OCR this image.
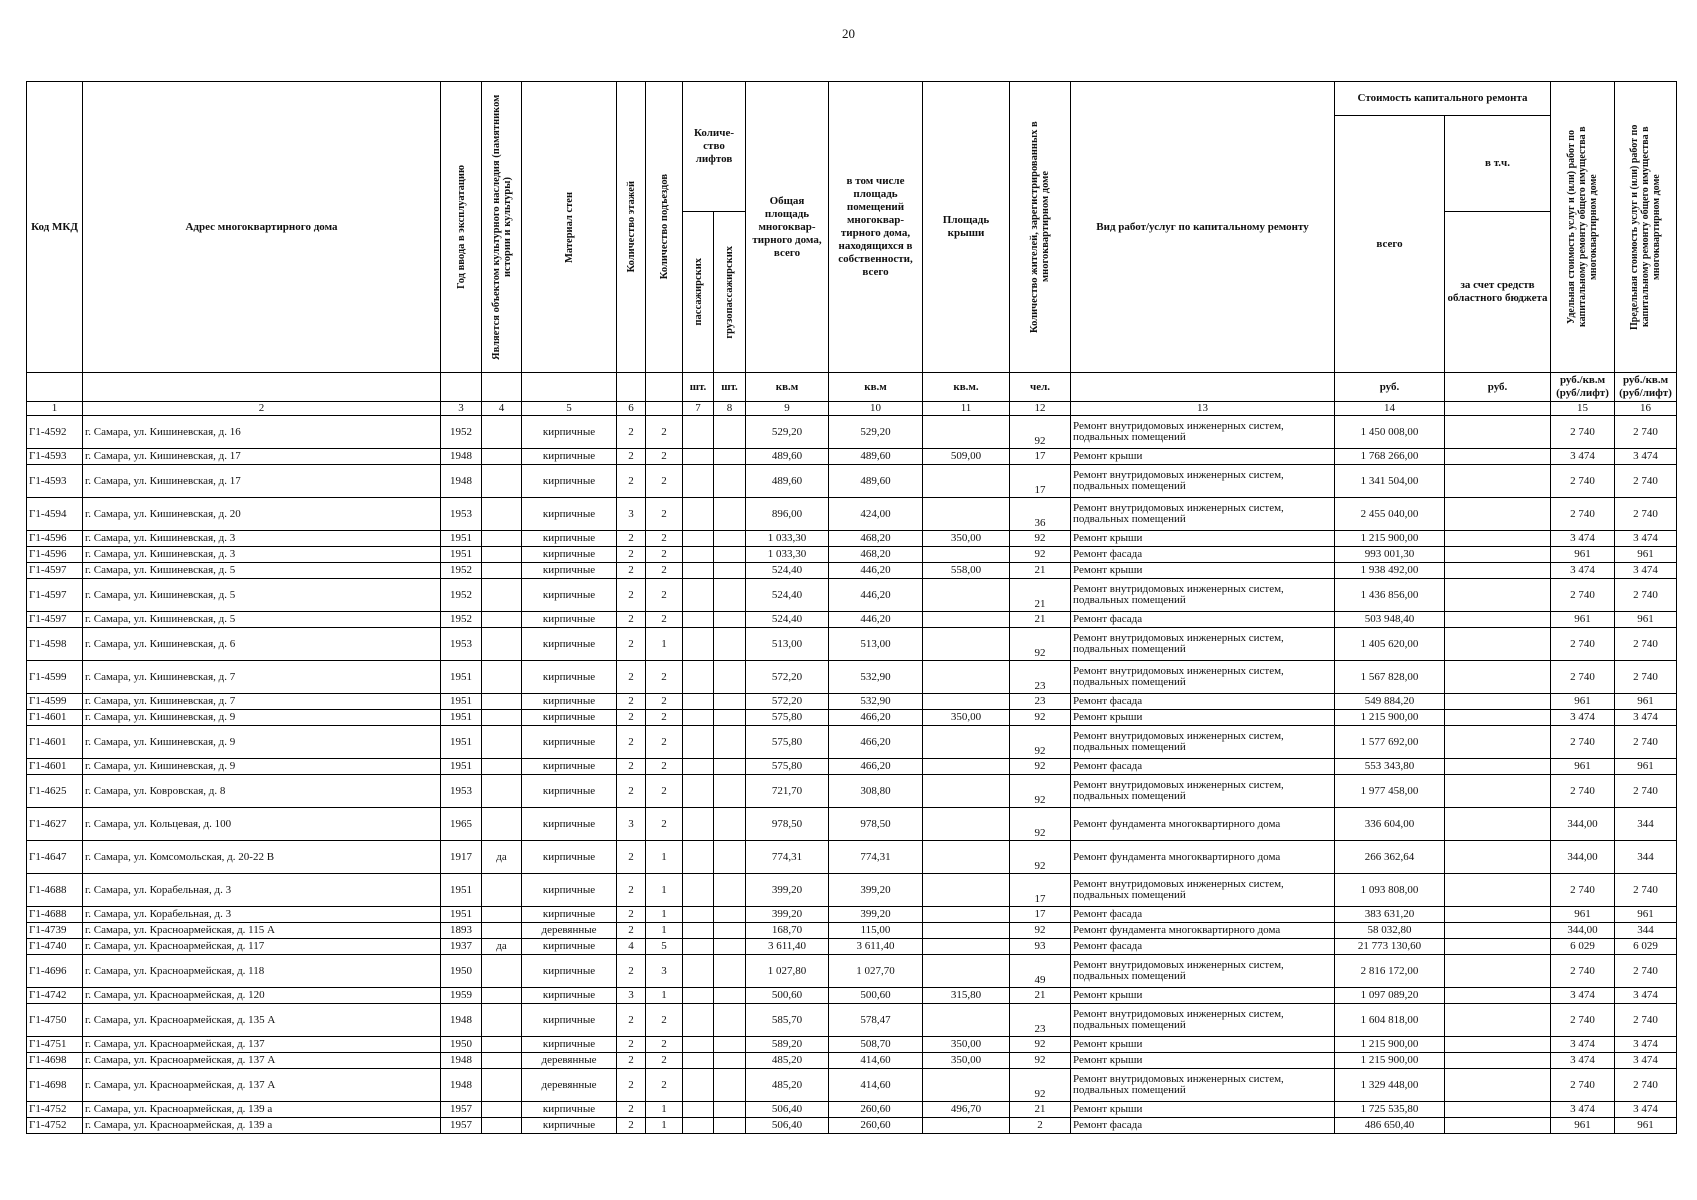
20
Код МКД	Адрес многоквартирного дома	Год ввода в эксплуатацию	Является объектом культурного наследия (памятником истории и культуры)	Материал стен	Количество этажей	Количество подъездов	Количе-ство лифтов		Общая площадь многоквар-тирного дома, всего	в том числе площадь помещений многоквар-тирного дома, находящихся в собственности, всего	Площадь крыши	Количество жителей, зарегистрированных в многоквартирном доме	Вид работ/услуг по капитальному ремонту	Стоимость капитального ремонта		Удельная стоимость услуг и (или) работ по капитальному ремонту общего имущества в многоквартирном доме	Предельная стоимость услуг и (или) работ по капитальному ремонту общего имущества в многоквартирном доме

														всего	в т.ч.		

							пассажирских	грузопассажирских							за счет средств областного бюджета		
							шт.	шт.	кв.м	кв.м	кв.м.	чел.		руб.	руб.	руб./кв.м (руб/лифт)	руб./кв.м (руб/лифт)
1	2	3	4	5	6		7	8	9	10	11	12	13	14		15	16
Г1-4592	г. Самара, ул. Кишиневская, д. 16	1952		кирпичные	2	2			529,20	529,20		92	Ремонт внутридомовых инженерных систем, подвальных помещений	1 450 008,00		2 740	2 740
Г1-4593	г. Самара, ул. Кишиневская, д. 17	1948		кирпичные	2	2			489,60	489,60	509,00	17	Ремонт крыши	1 768 266,00		3 474	3 474
Г1-4593	г. Самара, ул. Кишиневская, д. 17	1948		кирпичные	2	2			489,60	489,60		17	Ремонт внутридомовых инженерных систем, подвальных помещений	1 341 504,00		2 740	2 740
Г1-4594	г. Самара, ул. Кишиневская, д. 20	1953		кирпичные	3	2			896,00	424,00		36	Ремонт внутридомовых инженерных систем, подвальных помещений	2 455 040,00		2 740	2 740
Г1-4596	г. Самара, ул. Кишиневская, д. 3	1951		кирпичные	2	2			1 033,30	468,20	350,00	92	Ремонт крыши	1 215 900,00		3 474	3 474
Г1-4596	г. Самара, ул. Кишиневская, д. 3	1951		кирпичные	2	2			1 033,30	468,20		92	Ремонт фасада	993 001,30		961	961
Г1-4597	г. Самара, ул. Кишиневская, д. 5	1952		кирпичные	2	2			524,40	446,20	558,00	21	Ремонт крыши	1 938 492,00		3 474	3 474
Г1-4597	г. Самара, ул. Кишиневская, д. 5	1952		кирпичные	2	2			524,40	446,20		21	Ремонт внутридомовых инженерных систем, подвальных помещений	1 436 856,00		2 740	2 740
Г1-4597	г. Самара, ул. Кишиневская, д. 5	1952		кирпичные	2	2			524,40	446,20		21	Ремонт фасада	503 948,40		961	961
Г1-4598	г. Самара, ул. Кишиневская, д. 6	1953		кирпичные	2	1			513,00	513,00		92	Ремонт внутридомовых инженерных систем, подвальных помещений	1 405 620,00		2 740	2 740
Г1-4599	г. Самара, ул. Кишиневская, д. 7	1951		кирпичные	2	2			572,20	532,90		23	Ремонт внутридомовых инженерных систем, подвальных помещений	1 567 828,00		2 740	2 740
Г1-4599	г. Самара, ул. Кишиневская, д. 7	1951		кирпичные	2	2			572,20	532,90		23	Ремонт фасада	549 884,20		961	961
Г1-4601	г. Самара, ул. Кишиневская, д. 9	1951		кирпичные	2	2			575,80	466,20	350,00	92	Ремонт крыши	1 215 900,00		3 474	3 474
Г1-4601	г. Самара, ул. Кишиневская, д. 9	1951		кирпичные	2	2			575,80	466,20		92	Ремонт внутридомовых инженерных систем, подвальных помещений	1 577 692,00		2 740	2 740
Г1-4601	г. Самара, ул. Кишиневская, д. 9	1951		кирпичные	2	2			575,80	466,20		92	Ремонт фасада	553 343,80		961	961
Г1-4625	г. Самара, ул. Ковровская, д. 8	1953		кирпичные	2	2			721,70	308,80		92	Ремонт внутридомовых инженерных систем, подвальных помещений	1 977 458,00		2 740	2 740
Г1-4627	г. Самара, ул. Кольцевая, д. 100	1965		кирпичные	3	2			978,50	978,50		92	Ремонт фундамента многоквартирного дома	336 604,00		344,00	344
Г1-4647	г. Самара, ул. Комсомольская, д. 20-22 В	1917	да	кирпичные	2	1			774,31	774,31		92	Ремонт фундамента многоквартирного дома	266 362,64		344,00	344
Г1-4688	г. Самара, ул. Корабельная, д. 3	1951		кирпичные	2	1			399,20	399,20		17	Ремонт внутридомовых инженерных систем, подвальных помещений	1 093 808,00		2 740	2 740
Г1-4688	г. Самара, ул. Корабельная, д. 3	1951		кирпичные	2	1			399,20	399,20		17	Ремонт фасада	383 631,20		961	961
Г1-4739	г. Самара, ул. Красноармейская, д. 115 А	1893		деревянные	2	1			168,70	115,00		92	Ремонт фундамента многоквартирного дома	58 032,80		344,00	344
Г1-4740	г. Самара, ул. Красноармейская, д. 117	1937	да	кирпичные	4	5			3 611,40	3 611,40		93	Ремонт фасада	21 773 130,60		6 029	6 029
Г1-4696	г. Самара, ул. Красноармейская, д. 118	1950		кирпичные	2	3			1 027,80	1 027,70		49	Ремонт внутридомовых инженерных систем, подвальных помещений	2 816 172,00		2 740	2 740
Г1-4742	г. Самара, ул. Красноармейская, д. 120	1959		кирпичные	3	1			500,60	500,60	315,80	21	Ремонт крыши	1 097 089,20		3 474	3 474
Г1-4750	г. Самара, ул. Красноармейская, д. 135 А	1948		кирпичные	2	2			585,70	578,47		23	Ремонт внутридомовых инженерных систем, подвальных помещений	1 604 818,00		2 740	2 740
Г1-4751	г. Самара, ул. Красноармейская, д. 137	1950		кирпичные	2	2			589,20	508,70	350,00	92	Ремонт крыши	1 215 900,00		3 474	3 474
Г1-4698	г. Самара, ул. Красноармейская, д. 137 А	1948		деревянные	2	2			485,20	414,60	350,00	92	Ремонт крыши	1 215 900,00		3 474	3 474
Г1-4698	г. Самара, ул. Красноармейская, д. 137 А	1948		деревянные	2	2			485,20	414,60		92	Ремонт внутридомовых инженерных систем, подвальных помещений	1 329 448,00		2 740	2 740
Г1-4752	г. Самара, ул. Красноармейская, д. 139 а	1957		кирпичные	2	1			506,40	260,60	496,70	21	Ремонт крыши	1 725 535,80		3 474	3 474
Г1-4752	г. Самара, ул. Красноармейская, д. 139 а	1957		кирпичные	2	1			506,40	260,60		2	Ремонт фасада	486 650,40		961	961
